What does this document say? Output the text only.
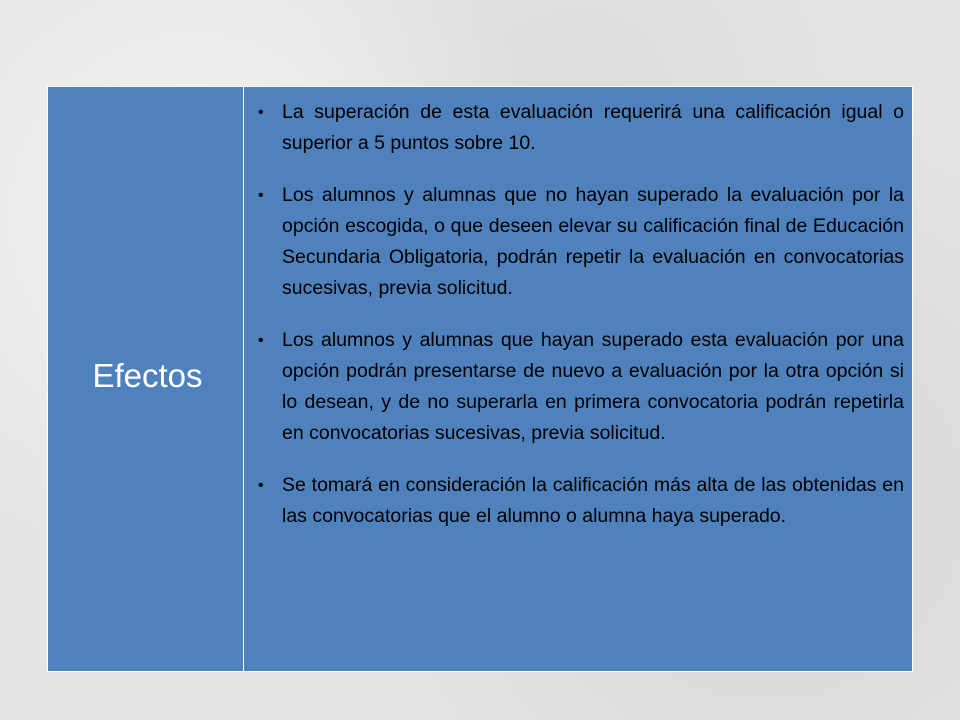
Efectos
• La superación de esta evaluación requerirá una calificación igual o superior a 5 puntos sobre 10.
• Los alumnos y alumnas que no hayan superado la evaluación por la opción escogida, o que deseen elevar su calificación final de Educación Secundaria Obligatoria, podrán repetir la evaluación en convocatorias sucesivas, previa solicitud.
• Los alumnos y alumnas que hayan superado esta evaluación por una opción podrán presentarse de nuevo a evaluación por la otra opción si lo desean, y de no superarla en primera convocatoria podrán repetirla en convocatorias sucesivas, previa solicitud.
• Se tomará en consideración la calificación más alta de las obtenidas en las convocatorias que el alumno o alumna haya superado.
